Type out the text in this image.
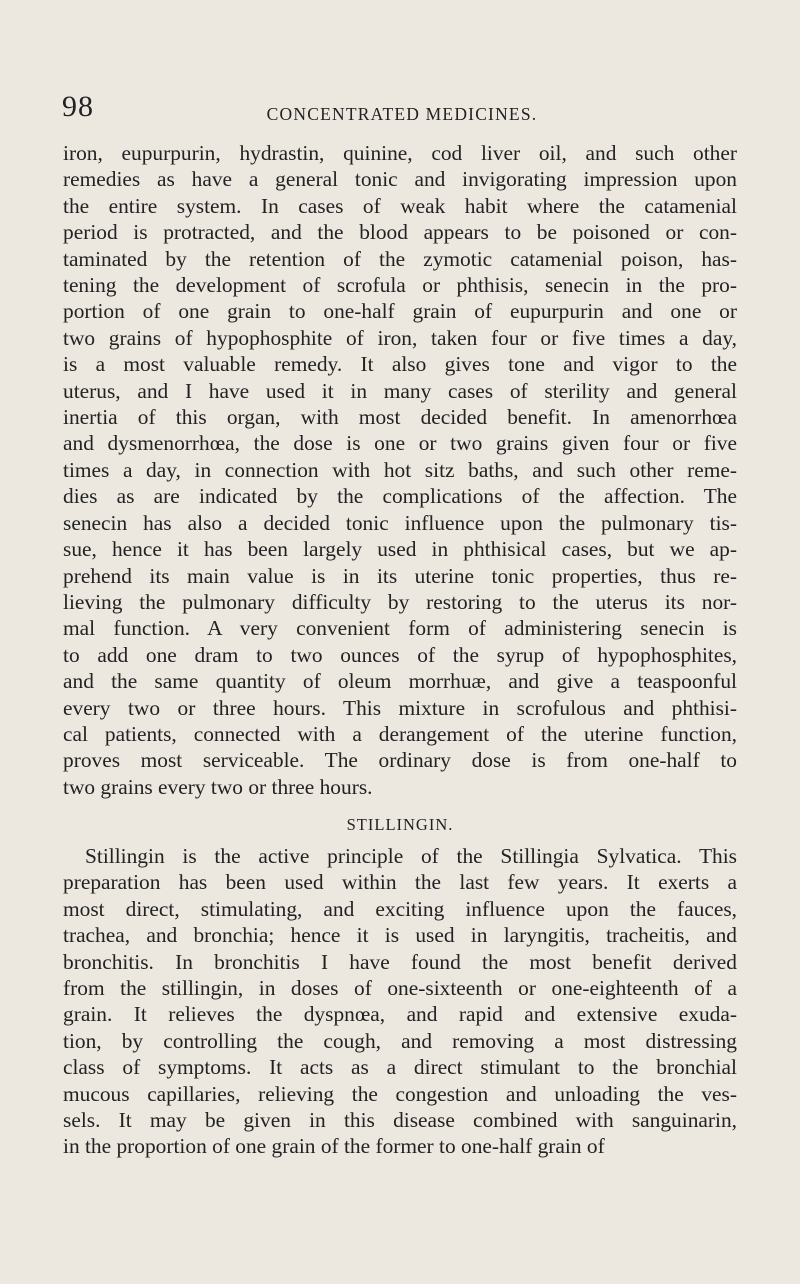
98	CONCENTRATED MEDICINES.

iron, eupurpurin, hydrastin, quinine, cod liver oil, and such other
remedies as have a general tonic and invigorating impression upon
the entire system. In cases of weak habit where the catamenial
period is protracted, and the blood appears to be poisoned or con-
taminated by the retention of the zymotic catamenial poison, has-
tening the development of scrofula or phthisis, senecin in the pro-
portion of one grain to one-half grain of eupurpurin and one or
two grains of hypophosphite of iron, taken four or five times a day,
is a most valuable remedy. It also gives tone and vigor to the
uterus, and I have used it in many cases of sterility and general
inertia of this organ, with most decided benefit. In amenorrhœa
and dysmenorrhœa, the dose is one or two grains given four or five
times a day, in connection with hot sitz baths, and such other reme-
dies as are indicated by the complications of the affection. The
senecin has also a decided tonic influence upon the pulmonary tis-
sue, hence it has been largely used in phthisical cases, but we ap-
prehend its main value is in its uterine tonic properties, thus re-
lieving the pulmonary difficulty by restoring to the uterus its nor-
mal function. A very convenient form of administering senecin is
to add one dram to two ounces of the syrup of hypophosphites,
and the same quantity of oleum morrhuæ, and give a teaspoonful
every two or three hours. This mixture in scrofulous and phthisi-
cal patients, connected with a derangement of the uterine function,
proves most serviceable. The ordinary dose is from one-half to
two grains every two or three hours.

STILLINGIN.

Stillingin is the active principle of the Stillingia Sylvatica. This
preparation has been used within the last few years. It exerts a
most direct, stimulating, and exciting influence upon the fauces,
trachea, and bronchia; hence it is used in laryngitis, tracheitis, and
bronchitis. In bronchitis I have found the most benefit derived
from the stillingin, in doses of one-sixteenth or one-eighteenth of a
grain. It relieves the dyspnœa, and rapid and extensive exuda-
tion, by controlling the cough, and removing a most distressing
class of symptoms. It acts as a direct stimulant to the bronchial
mucous capillaries, relieving the congestion and unloading the ves-
sels. It may be given in this disease combined with sanguinarin,
in the proportion of one grain of the former to one-half grain of
